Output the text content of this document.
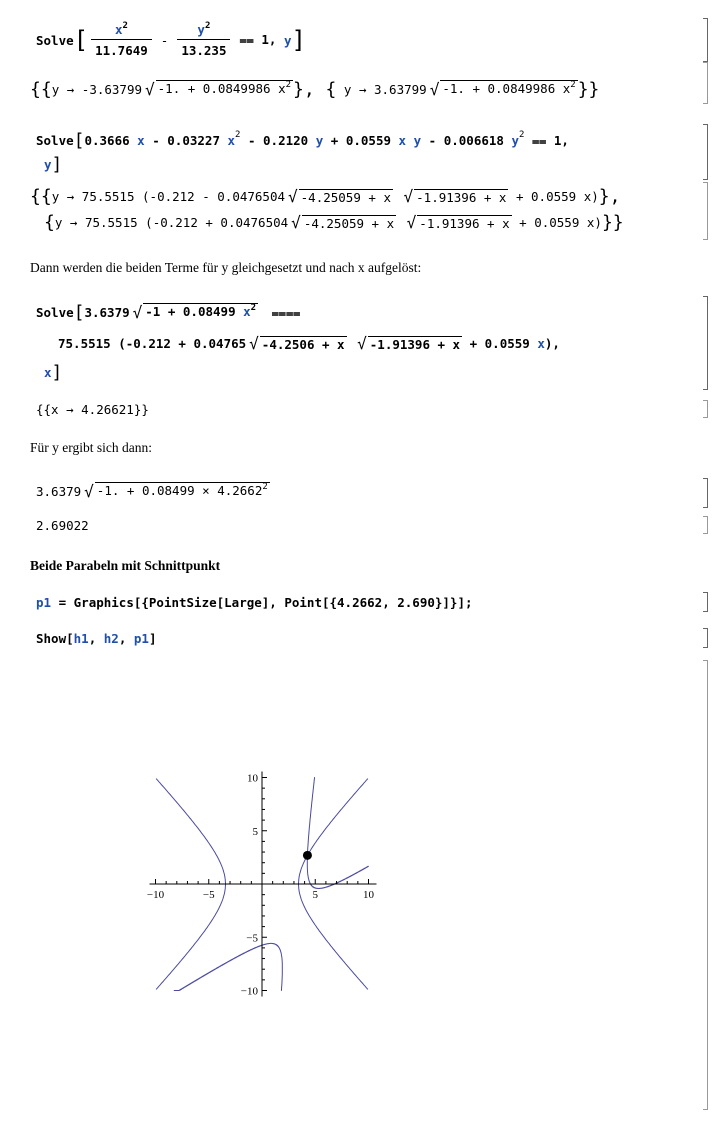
Solve[ $\frac{x^2}{11.7649} - \frac{y^2}{13.235}$ ⩵ 1, y]
{{y → -3.63799 √ -1. + 0.0849986 $x^2$ }, { y → 3.63799 √ -1. + 0.0849986 $x^2$ }}
Solve[0.3666 x - 0.03227 x2 - 0.2120 y + 0.0559 x y - 0.006618 y2 ⩵ 1,
y]
{{y → 75.5515 (-0.212 - 0.0476504 √ -4.25059 + x √ -1.91396 + x + 0.0559 x)},
{y → 75.5515 (-0.212 + 0.0476504 √ -4.25059 + x √ -1.91396 + x + 0.0559 x)}}
Dann werden die beiden Terme für y gleichgesetzt und nach x aufgelöst:
Solve[3.6379 √ -1 + 0.08499 $x^2$ ⩵⩵
75.5515 (-0.212 + 0.04765 √ -4.2506 + x √ -1.91396 + x + 0.0559 x),
x]
{{x → 4.26621}}
Für y ergibt sich dann:
3.6379 √ -1. + $0.08499 \times 4.2662^2$
2.69022
Beide Parabeln mit Schnittpunkt
p1 = Graphics[{PointSize[Large], Point[{4.2662, 2.690}]}];
Show[h1, h2, p1]
−10	−5	5	10
−10
−5
5
10
